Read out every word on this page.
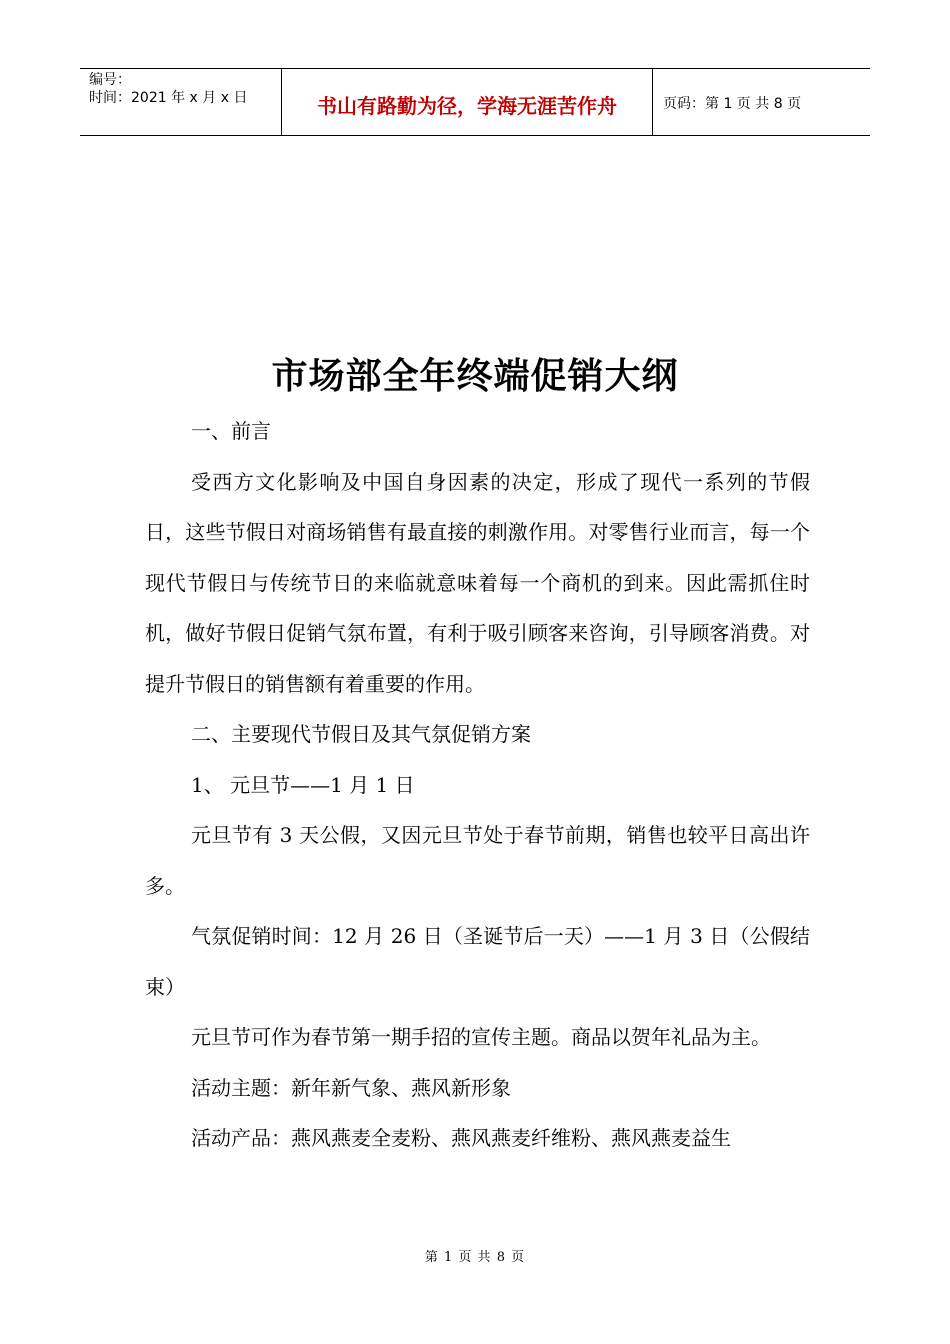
编号：
时间：2021 年 x 月 x 日	书山有路勤为径，学海无涯苦作舟	页码：第 1 页 共 8 页
市场部全年终端促销大纲

一、前言

受西方文化影响及中国自身因素的决定，形成了现代一系列的节假日，这些节假日对商场销售有最直接的刺激作用。对零售行业而言，每一个现代节假日与传统节日的来临就意味着每一个商机的到来。因此需抓住时机，做好节假日促销气氛布置，有利于吸引顾客来咨询，引导顾客消费。对提升节假日的销售额有着重要的作用。

二、主要现代节假日及其气氛促销方案

1、 元旦节——1 月 1 日

元旦节有 3 天公假，又因元旦节处于春节前期，销售也较平日高出许多。

气氛促销时间：12 月 26 日（圣诞节后一天）——1 月 3 日（公假结束）

元旦节可作为春节第一期手招的宣传主题。商品以贺年礼品为主。

活动主题：新年新气象、燕风新形象

活动产品：燕风燕麦全麦粉、燕风燕麦纤维粉、燕风燕麦益生

第 1 页 共 8 页
